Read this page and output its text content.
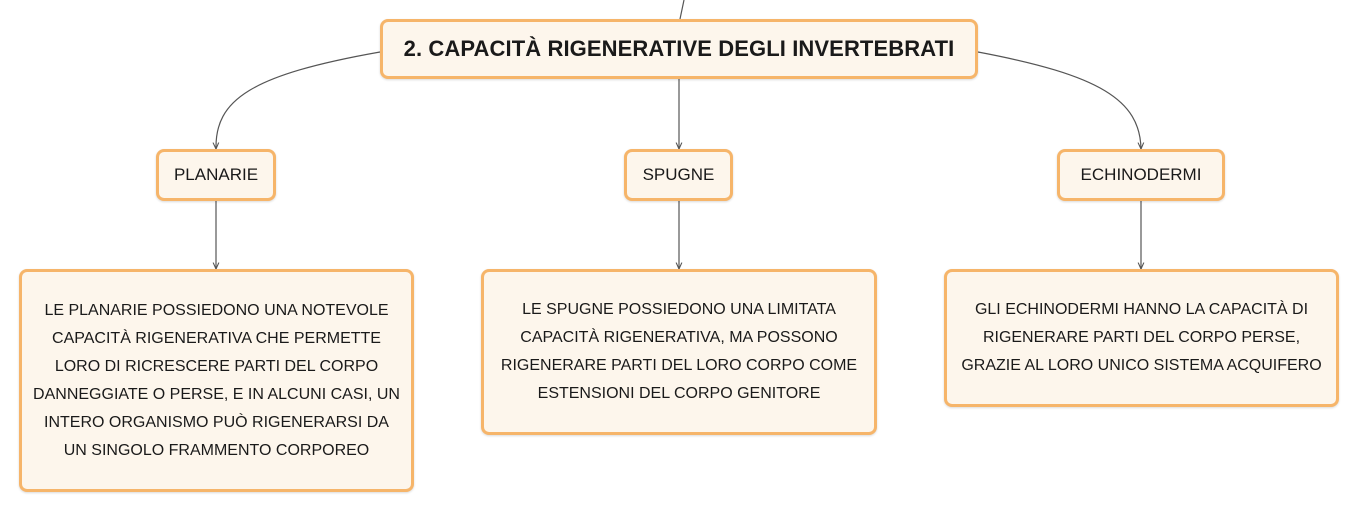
2. CAPACITÀ RIGENERATIVE DEGLI INVERTEBRATI
PLANARIE	SPUGNE	ECHINODERMI
LE PLANARIE POSSIEDONO UNA NOTEVOLE CAPACITÀ RIGENERATIVA CHE PERMETTE LORO DI RICRESCERE PARTI DEL CORPO DANNEGGIATE O PERSE, E IN ALCUNI CASI, UN INTERO ORGANISMO PUÒ RIGENERARSI DA UN SINGOLO FRAMMENTO CORPOREO
LE SPUGNE POSSIEDONO UNA LIMITATA CAPACITÀ RIGENERATIVA, MA POSSONO RIGENERARE PARTI DEL LORO CORPO COME ESTENSIONI DEL CORPO GENITORE
GLI ECHINODERMI HANNO LA CAPACITÀ DI RIGENERARE PARTI DEL CORPO PERSE, GRAZIE AL LORO UNICO SISTEMA ACQUIFERO
